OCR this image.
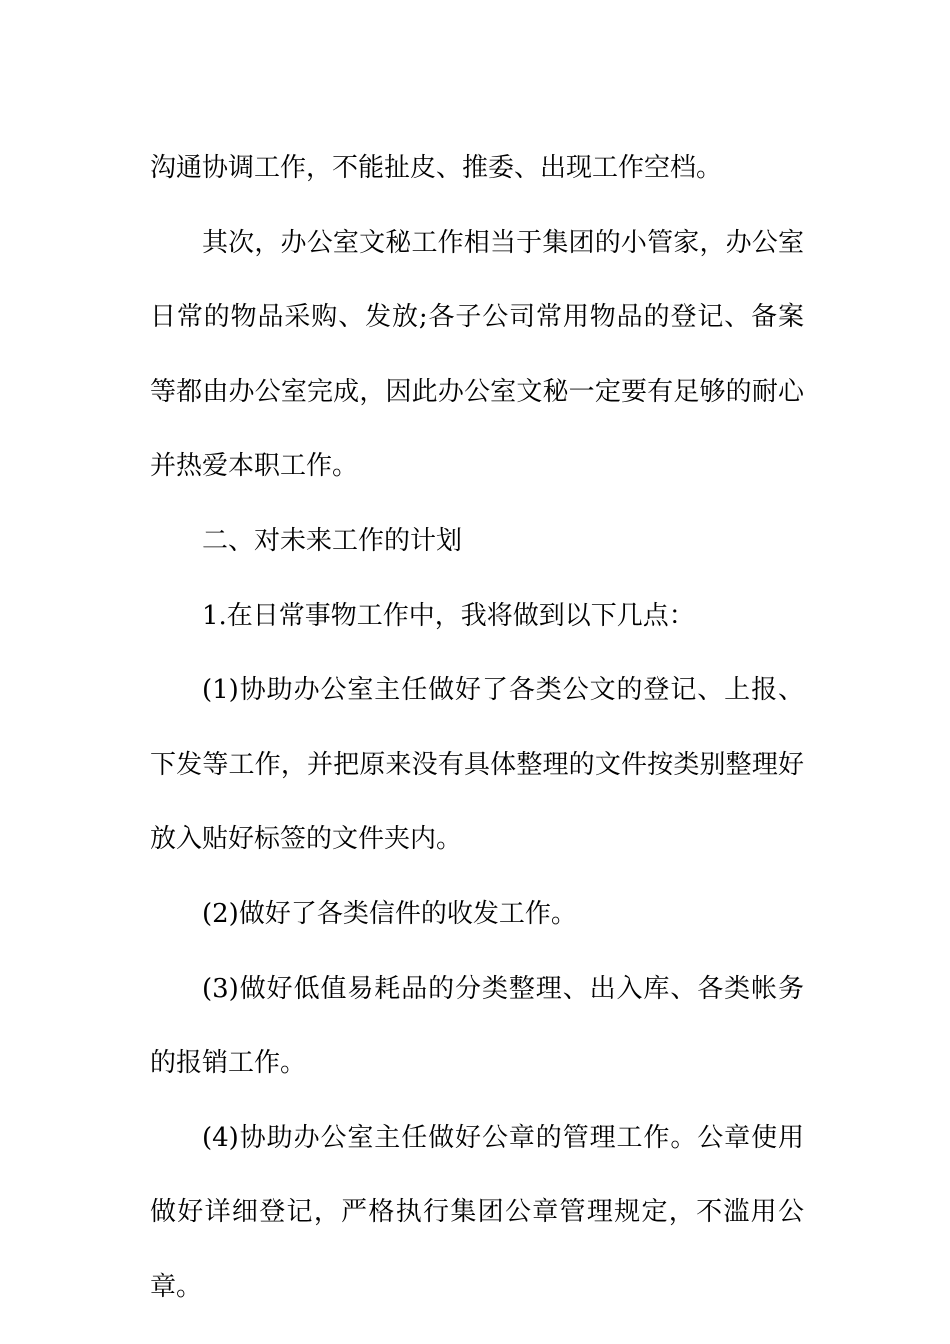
沟通协调工作，不能扯皮、推委、出现工作空档。

其次，办公室文秘工作相当于集团的小管家，办公室日常的物品采购、发放;各子公司常用物品的登记、备案等都由办公室完成，因此办公室文秘一定要有足够的耐心并热爱本职工作。

二、对未来工作的计划

1.在日常事物工作中，我将做到以下几点：

(1)协助办公室主任做好了各类公文的登记、上报、下发等工作，并把原来没有具体整理的文件按类别整理好放入贴好标签的文件夹内。

(2)做好了各类信件的收发工作。

(3)做好低值易耗品的分类整理、出入库、各类帐务的报销工作。

(4)协助办公室主任做好公章的管理工作。公章使用做好详细登记，严格执行集团公章管理规定，不滥用公章。
